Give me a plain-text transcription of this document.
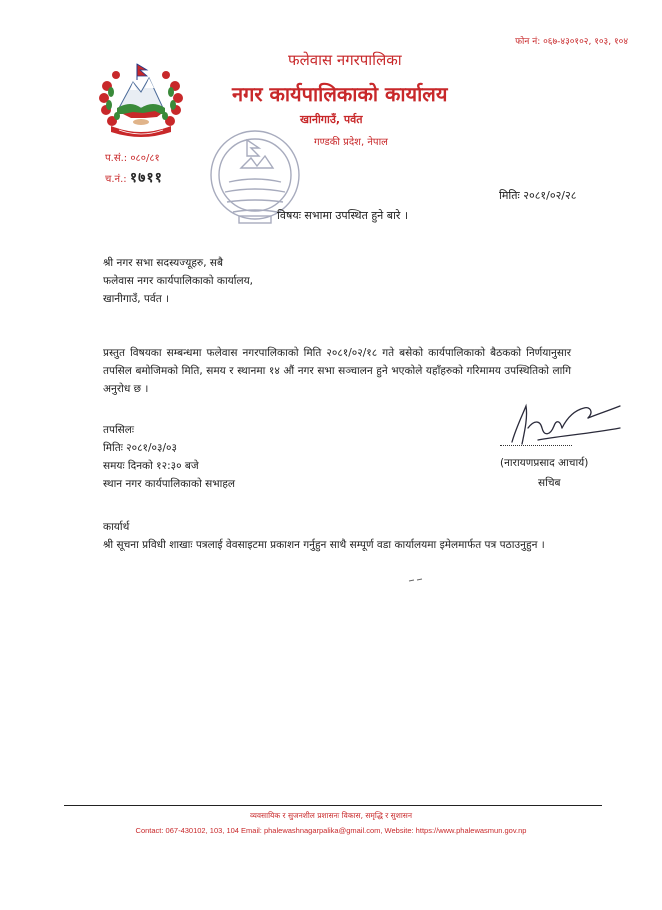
फोन नं: ०६७-४३०१०२, १०३, १०४
फलेवास नगरपालिका
नगर कार्यपालिकाको कार्यालय
खानीगाउँ, पर्वत
गण्डकी प्रदेश, नेपाल
प.सं.: ०८०/८१
च.नं.: १७११
मितिः २०८१/०२/२८
विषयः सभामा उपस्थित हुने बारे ।
श्री नगर सभा सदस्यज्यूहरु, सबै
फलेवास नगर कार्यपालिकाको कार्यालय,
खानीगाउँ, पर्वत ।
प्रस्तुत विषयका सम्बन्धमा फलेवास नगरपालिकाको मिति २०८१/०२/१८ गते बसेको कार्यपालिकाको बैठकको निर्णयानुसार तपसिल बमोजिमको मिति, समय र स्थानमा १४ औं नगर सभा सञ्चालन हुने भएकोले यहाँहरुको गरिमामय उपस्थितिको लागि अनुरोध छ ।
तपसिलः
मितिः २०८१/०३/०३
समयः दिनको १२:३० बजे
स्थान नगर कार्यपालिकाको सभाहल
(नारायणप्रसाद आचार्य)
सचिब
कार्यार्थ
श्री सूचना प्रविधी शाखाः पत्रलाई वेवसाइटमा प्रकाशन गर्नुहुन साथै सम्पूर्ण वडा कार्यालयमा इमेलमार्फत पत्र पठाउनुहुन ।
व्यवसायिक र सुजनशील प्रशासनः विकास, समृद्धि र सुशासन
Contact: 067-430102, 103, 104 Email: phalewashnagarpalika@gmail.com, Website: https://www.phalewasmun.gov.np
